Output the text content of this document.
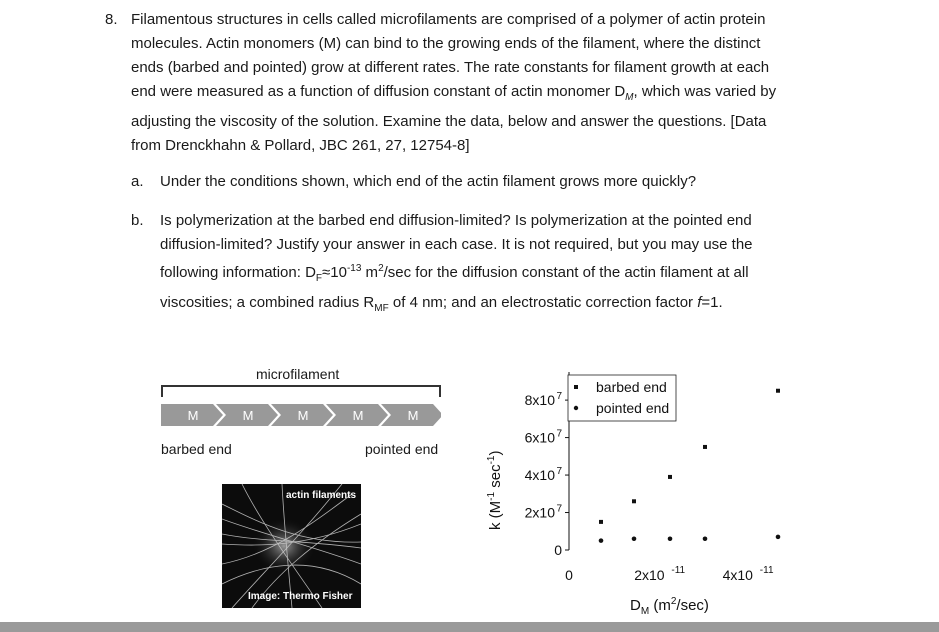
8. Filamentous structures in cells called microfilaments are comprised of a polymer of actin protein
molecules. Actin monomers (M) can bind to the growing ends of the filament, where the distinct
ends (barbed and pointed) grow at different rates. The rate constants for filament growth at each
end were measured as a function of diffusion constant of actin monomer $D_M$, which was varied by
adjusting the viscosity of the solution. Examine the data, below and answer the questions. [Data
from Drenckhahn & Pollard, JBC 261, 27, 12754-8]
a. Under the conditions shown, which end of the actin filament grows more quickly?
b. Is polymerization at the barbed end diffusion-limited? Is polymerization at the pointed end
diffusion-limited? Justify your answer in each case. It is not required, but you may use the
following information: $D_F\approx 10^{-13}$ $m^2/\sec$ for the diffusion constant of the actin filament at all
viscosities; a combined radius $R_{MF}$ of 4 nm; and an electrostatic correction factor f=1.
microfilament
M	M	M	M	M
barbed end	pointed end
actin filaments
Image: Thermo Fisher
0
2x10 7
4x10 7
6x10 7
8x10 7
0	2x10 -11	4x10 -11
k ($M^{-1}$ $\sec^{-1}$)
$D_M$ $(m^2/\sec)$
barbed end
pointed end
